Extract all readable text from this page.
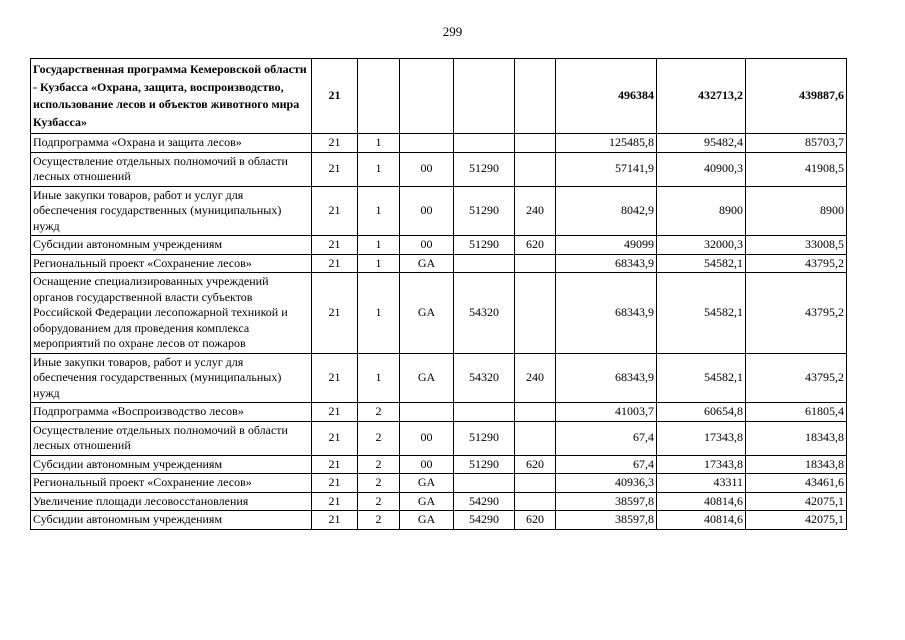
299
Государственная программа Кемеровской области - Кузбасса «Охрана, защита, воспроизводство, использование лесов и объектов животного мира Кузбасса»	21					496384	432713,2	439887,6
Подпрограмма «Охрана и защита лесов»	21	1				125485,8	95482,4	85703,7
Осуществление отдельных полномочий в области лесных отношений	21	1	00	51290		57141,9	40900,3	41908,5
Иные закупки товаров, работ и услуг для обеспечения государственных (муниципальных) нужд	21	1	00	51290	240	8042,9	8900	8900
Субсидии автономным учреждениям	21	1	00	51290	620	49099	32000,3	33008,5
Региональный проект «Сохранение лесов»	21	1	GA			68343,9	54582,1	43795,2
Оснащение специализированных учреждений органов государственной власти субъектов Российской Федерации лесопожарной техникой и оборудованием для проведения комплекса мероприятий по охране лесов от пожаров	21	1	GA	54320		68343,9	54582,1	43795,2
Иные закупки товаров, работ и услуг для обеспечения государственных (муниципальных) нужд	21	1	GA	54320	240	68343,9	54582,1	43795,2
Подпрограмма «Воспроизводство лесов»	21	2				41003,7	60654,8	61805,4
Осуществление отдельных полномочий в области лесных отношений	21	2	00	51290		67,4	17343,8	18343,8
Субсидии автономным учреждениям	21	2	00	51290	620	67,4	17343,8	18343,8
Региональный проект «Сохранение лесов»	21	2	GA			40936,3	43311	43461,6
Увеличение площади лесовосстановления	21	2	GA	54290		38597,8	40814,6	42075,1
Субсидии автономным учреждениям	21	2	GA	54290	620	38597,8	40814,6	42075,1
